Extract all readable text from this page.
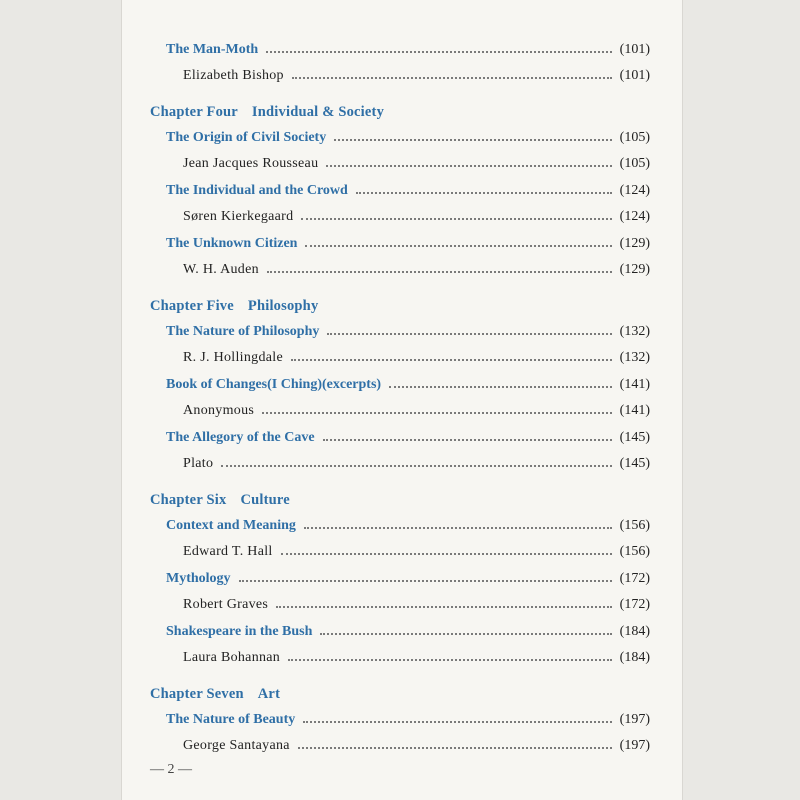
The Man-Moth	(101)
Elizabeth Bishop	(101)
Chapter Four Individual & Society
The Origin of Civil Society	(105)
Jean Jacques Rousseau	(105)
The Individual and the Crowd	(124)
Søren Kierkegaard	(124)
The Unknown Citizen	(129)
W. H. Auden	(129)
Chapter Five Philosophy
The Nature of Philosophy	(132)
R. J. Hollingdale	(132)
Book of Changes(I Ching)(excerpts)	(141)
Anonymous	(141)
The Allegory of the Cave	(145)
Plato	(145)
Chapter Six Culture
Context and Meaning	(156)
Edward T. Hall	(156)
Mythology	(172)
Robert Graves	(172)
Shakespeare in the Bush	(184)
Laura Bohannan	(184)
Chapter Seven Art
The Nature of Beauty	(197)
George Santayana	(197)
— 2 —
